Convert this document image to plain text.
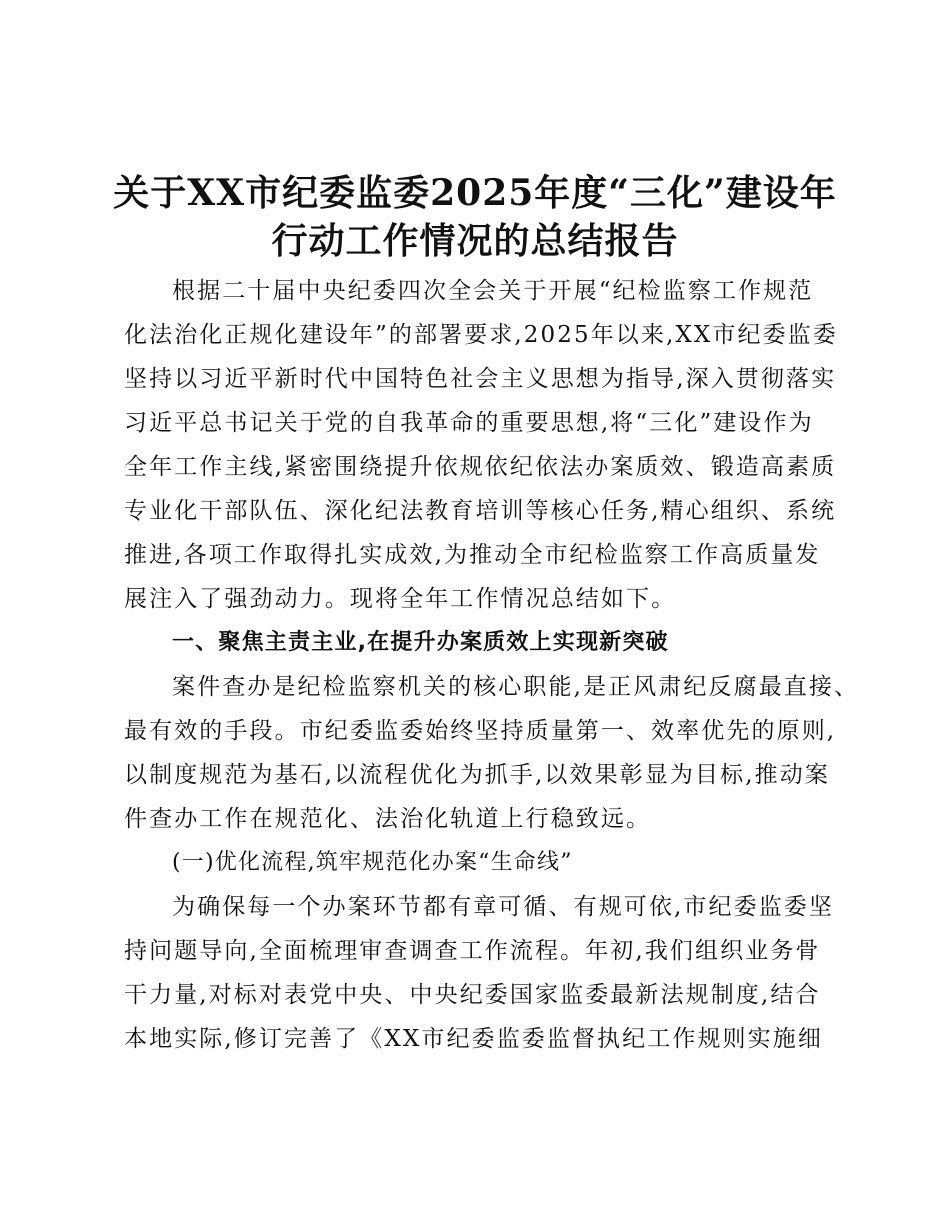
关于XX市纪委监委2025年度“三化”建设年
行动工作情况的总结报告
根据二十届中央纪委四次全会关于开展“纪检监察工作规范
化法治化正规化建设年”的部署要求,2025年以来,XX市纪委监委
坚持以习近平新时代中国特色社会主义思想为指导,深入贯彻落实
习近平总书记关于党的自我革命的重要思想,将“三化”建设作为
全年工作主线,紧密围绕提升依规依纪依法办案质效、锻造高素质
专业化干部队伍、深化纪法教育培训等核心任务,精心组织、系统
推进,各项工作取得扎实成效,为推动全市纪检监察工作高质量发
展注入了强劲动力。现将全年工作情况总结如下。
一、聚焦主责主业,在提升办案质效上实现新突破
案件查办是纪检监察机关的核心职能,是正风肃纪反腐最直接、
最有效的手段。市纪委监委始终坚持质量第一、效率优先的原则,
以制度规范为基石,以流程优化为抓手,以效果彰显为目标,推动案
件查办工作在规范化、法治化轨道上行稳致远。
(一)优化流程,筑牢规范化办案“生命线”
为确保每一个办案环节都有章可循、有规可依,市纪委监委坚
持问题导向,全面梳理审查调查工作流程。年初,我们组织业务骨
干力量,对标对表党中央、中央纪委国家监委最新法规制度,结合
本地实际,修订完善了《XX市纪委监委监督执纪工作规则实施细
